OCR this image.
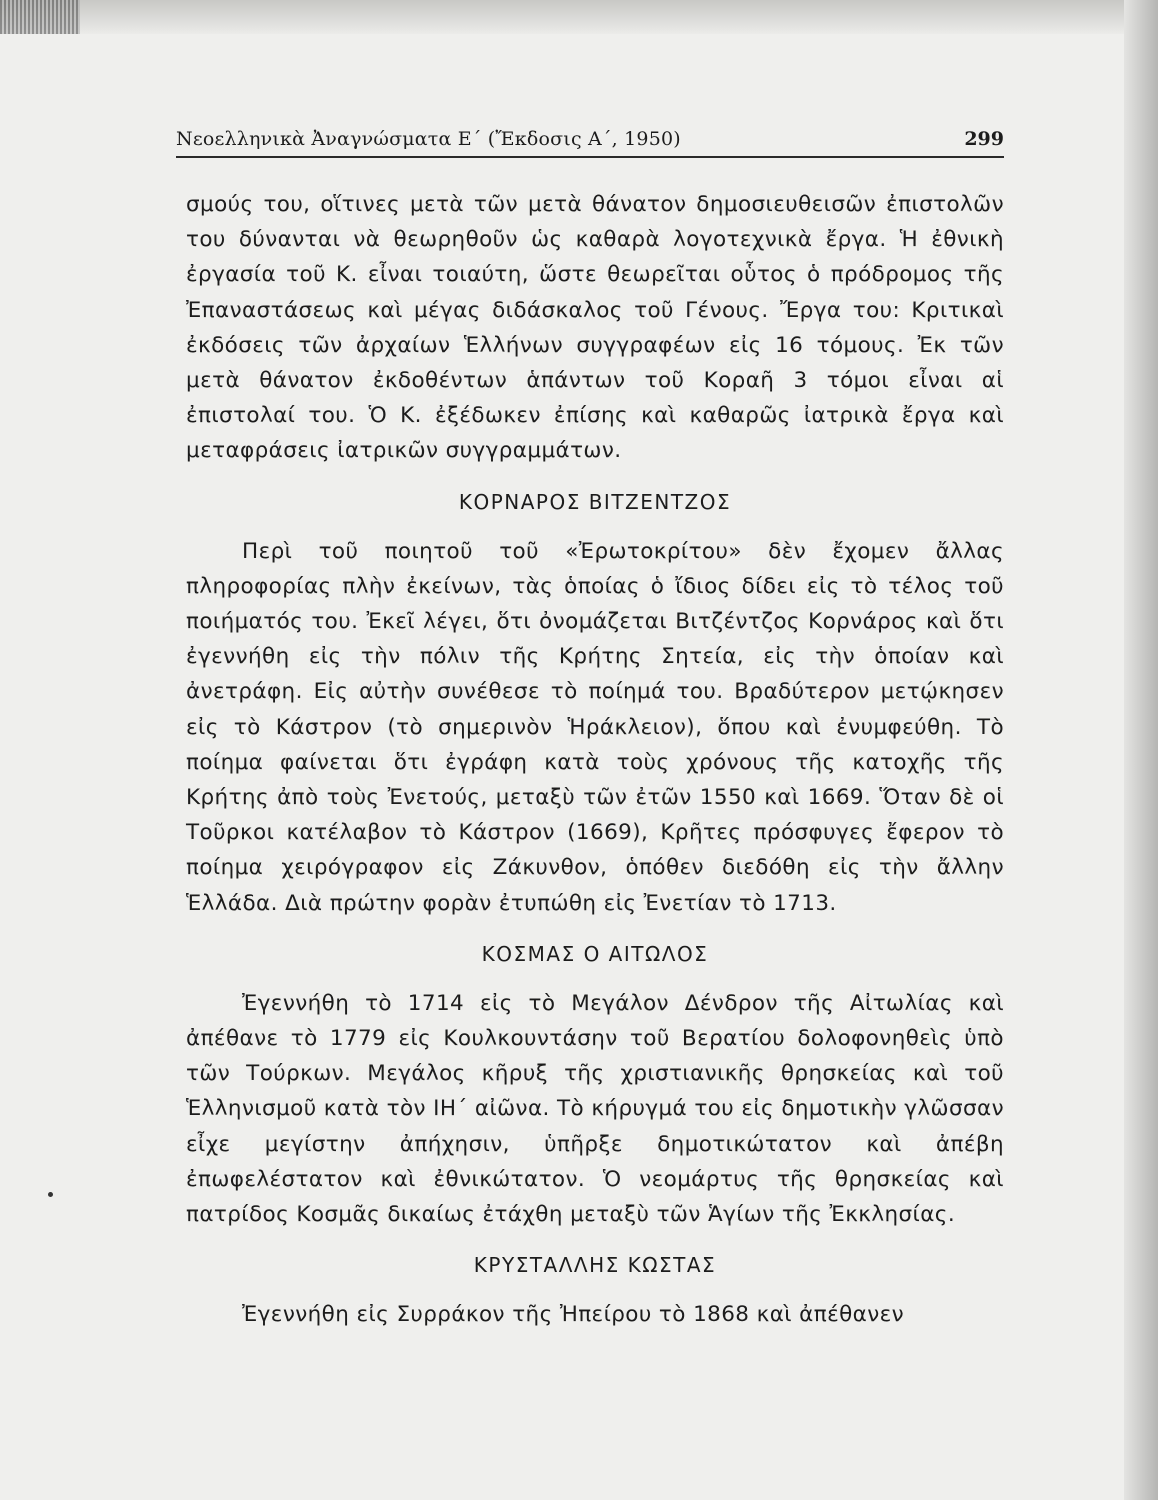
Νεοελληνικὰ Ἀναγνώσματα Ε΄ (Ἔκδοσις Α΄, 1950)	299

σμούς του, οἵτινες μετὰ τῶν μετὰ θάνατον δημοσιευθεισῶν ἐπιστολῶν του δύνανται νὰ θεωρηθοῦν ὡς καθαρὰ λογοτεχνικὰ ἔργα. Ἡ ἐθνικὴ ἐργασία τοῦ Κ. εἶναι τοιαύτη, ὥστε θεωρεῖται οὗτος ὁ πρόδρομος τῆς Ἐπαναστάσεως καὶ μέγας διδάσκαλος τοῦ Γένους. Ἔργα του: Κριτικαὶ ἐκδόσεις τῶν ἀρχαίων Ἑλλήνων συγγραφέων εἰς 16 τόμους. Ἐκ τῶν μετὰ θάνατον ἐκδοθέντων ἁπάντων τοῦ Κοραῆ 3 τόμοι εἶναι αἱ ἐπιστολαί του. Ὁ Κ. ἐξέδωκεν ἐπίσης καὶ καθαρῶς ἰατρικὰ ἔργα καὶ μεταφράσεις ἰατρικῶν συγγραμμάτων.

ΚΟΡΝΑΡΟΣ ΒΙΤΖΕΝΤΖΟΣ

Περὶ τοῦ ποιητοῦ τοῦ «Ἐρωτοκρίτου» δὲν ἔχομεν ἄλλας πληροφορίας πλὴν ἐκείνων, τὰς ὁποίας ὁ ἴδιος δίδει εἰς τὸ τέλος τοῦ ποιήματός του. Ἐκεῖ λέγει, ὅτι ὀνομάζεται Βιτζέντζος Κορνάρος καὶ ὅτι ἐγεννήθη εἰς τὴν πόλιν τῆς Κρήτης Σητεία, εἰς τὴν ὁποίαν καὶ ἀνετράφη. Εἰς αὐτὴν συνέθεσε τὸ ποίημά του. Βραδύτερον μετῴκησεν εἰς τὸ Κάστρον (τὸ σημερινὸν Ἡράκλειον), ὅπου καὶ ἐνυμφεύθη. Τὸ ποίημα φαίνεται ὅτι ἐγράφη κατὰ τοὺς χρόνους τῆς κατοχῆς τῆς Κρήτης ἀπὸ τοὺς Ἐνετούς, μεταξὺ τῶν ἐτῶν 1550 καὶ 1669. Ὅταν δὲ οἱ Τοῦρκοι κατέλαβον τὸ Κάστρον (1669), Κρῆτες πρόσφυγες ἔφερον τὸ ποίημα χειρόγραφον εἰς Ζάκυνθον, ὁπόθεν διεδόθη εἰς τὴν ἄλλην Ἑλλάδα. Διὰ πρώτην φορὰν ἐτυπώθη εἰς Ἐνετίαν τὸ 1713.

ΚΟΣΜΑΣ Ο ΑΙΤΩΛΟΣ

Ἐγεννήθη τὸ 1714 εἰς τὸ Μεγάλον Δένδρον τῆς Αἰτωλίας καὶ ἀπέθανε τὸ 1779 εἰς Κουλκουντάσην τοῦ Βερατίου δολοφονηθεὶς ὑπὸ τῶν Τούρκων. Μεγάλος κῆρυξ τῆς χριστιανικῆς θρησκείας καὶ τοῦ Ἑλληνισμοῦ κατὰ τὸν ΙΗ΄ αἰῶνα. Τὸ κήρυγμά του εἰς δημοτικὴν γλῶσσαν εἶχε μεγίστην ἀπήχησιν, ὑπῆρξε δημοτικώτατον καὶ ἀπέβη ἐπωφελέστατον καὶ ἐθνικώτατον. Ὁ νεομάρτυς τῆς θρησκείας καὶ πατρίδος Κοσμᾶς δικαίως ἐτάχθη μεταξὺ τῶν Ἁγίων τῆς Ἐκκλησίας.

ΚΡΥΣΤΑΛΛΗΣ ΚΩΣΤΑΣ

Ἐγεννήθη εἰς Συρράκον τῆς Ἠπείρου τὸ 1868 καὶ ἀπέθανεν
